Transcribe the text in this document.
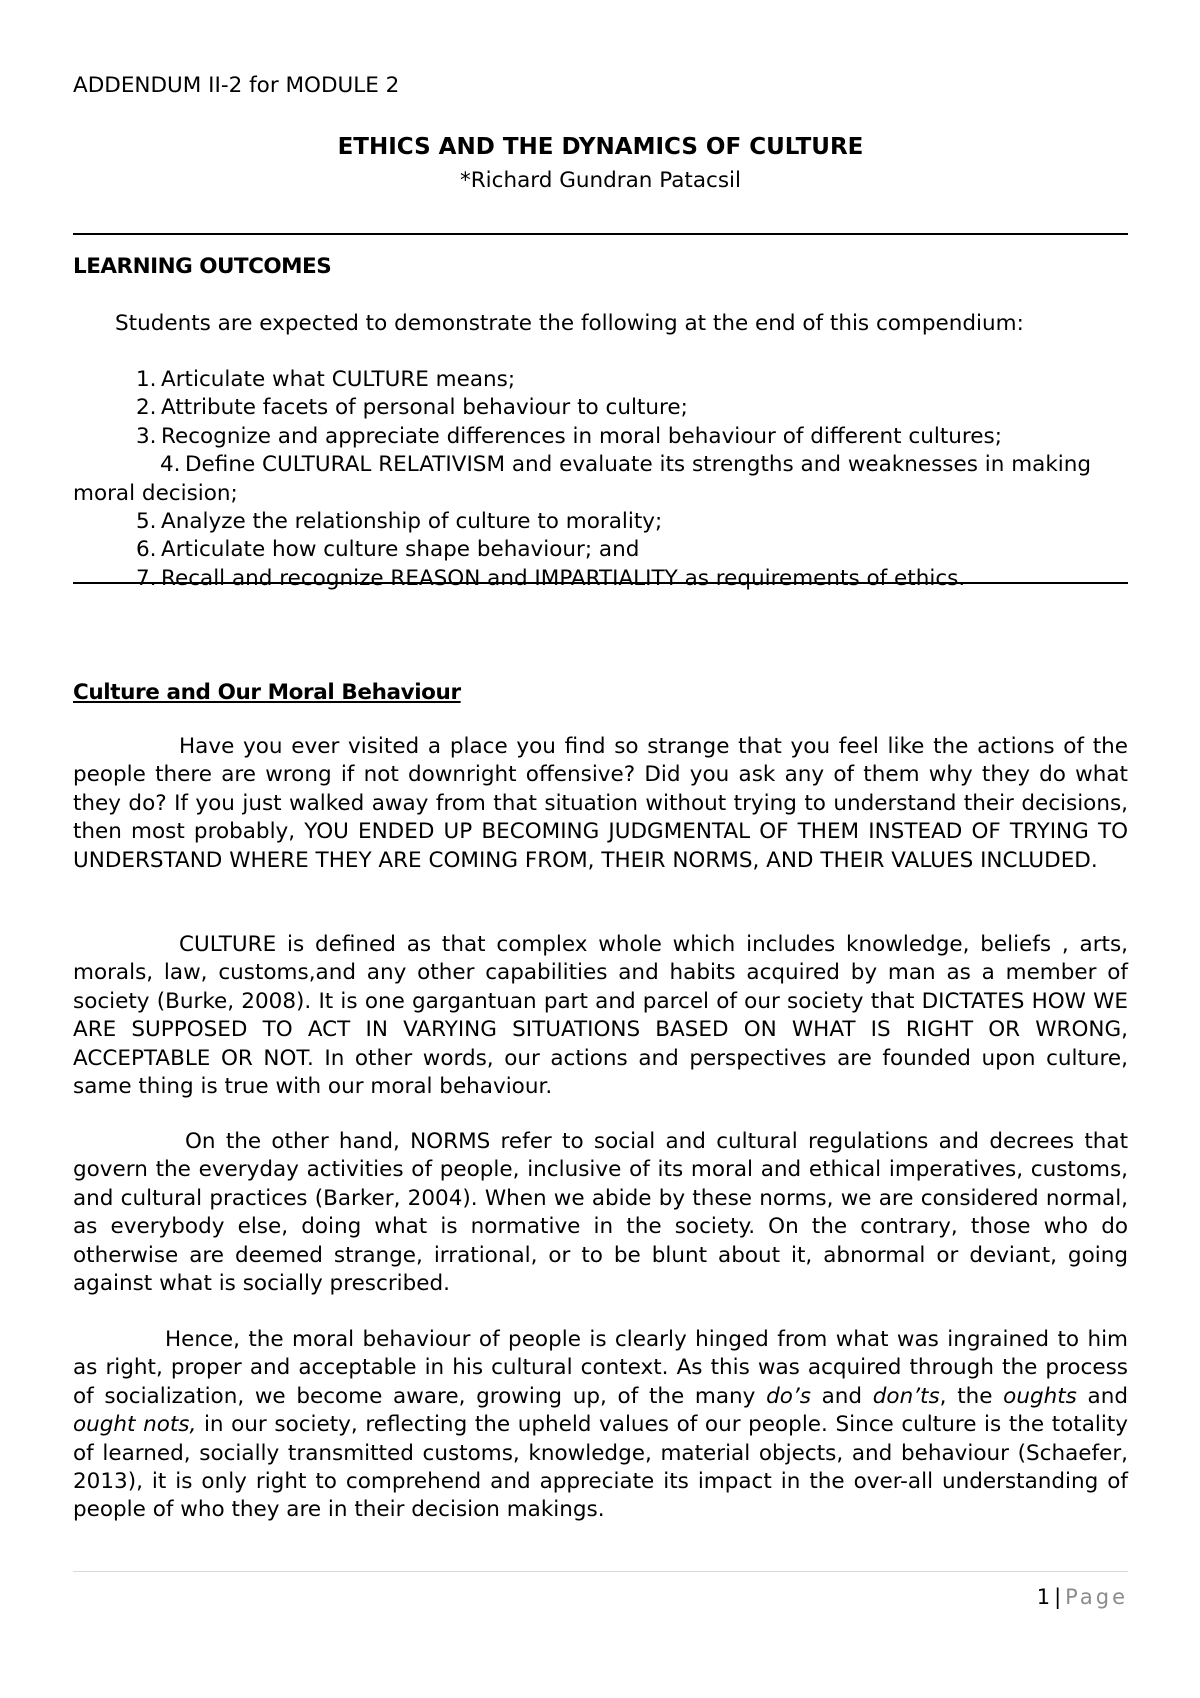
ADDENDUM II-2 for MODULE 2
ETHICS AND THE DYNAMICS OF CULTURE
*Richard Gundran Patacsil
LEARNING OUTCOMES
Students are expected to demonstrate the following at the end of this compendium:
1. Articulate what CULTURE means;
2. Attribute facets of personal behaviour to culture;
3. Recognize and appreciate differences in moral behaviour of different cultures;
4. Define CULTURAL RELATIVISM and evaluate its strengths and weaknesses in making moral decision;
5. Analyze the relationship of culture to morality;
6. Articulate how culture shape behaviour; and
7. Recall and recognize REASON and IMPARTIALITY as requirements of ethics.
Culture and Our Moral Behaviour

Have you ever visited a place you find so strange that you feel like the actions of the people there are wrong if not downright offensive? Did you ask any of them why they do what they do? If you just walked away from that situation without trying to understand their decisions, then most probably, YOU ENDED UP BECOMING JUDGMENTAL OF THEM INSTEAD OF TRYING TO UNDERSTAND WHERE THEY ARE COMING FROM, THEIR NORMS, AND THEIR VALUES INCLUDED.

CULTURE is defined as that complex whole which includes knowledge, beliefs , arts, morals, law, customs,and any other capabilities and habits acquired by man as a member of society (Burke, 2008). It is one gargantuan part and parcel of our society that DICTATES HOW WE ARE SUPPOSED TO ACT IN VARYING SITUATIONS BASED ON WHAT IS RIGHT OR WRONG, ACCEPTABLE OR NOT. In other words, our actions and perspectives are founded upon culture, same thing is true with our moral behaviour.

On the other hand, NORMS refer to social and cultural regulations and decrees that govern the everyday activities of people, inclusive of its moral and ethical imperatives, customs, and cultural practices (Barker, 2004). When we abide by these norms, we are considered normal, as everybody else, doing what is normative in the society. On the contrary, those who do otherwise are deemed strange, irrational, or to be blunt about it, abnormal or deviant, going against what is socially prescribed.

Hence, the moral behaviour of people is clearly hinged from what was ingrained to him as right, proper and acceptable in his cultural context. As this was acquired through the process of socialization, we become aware, growing up, of the many do’s and don’ts, the oughts and ought nots, in our society, reflecting the upheld values of our people. Since culture is the totality of learned, socially transmitted customs, knowledge, material objects, and behaviour (Schaefer, 2013), it is only right to comprehend and appreciate its impact in the over-all understanding of people of who they are in their decision makings.

1 | Page
